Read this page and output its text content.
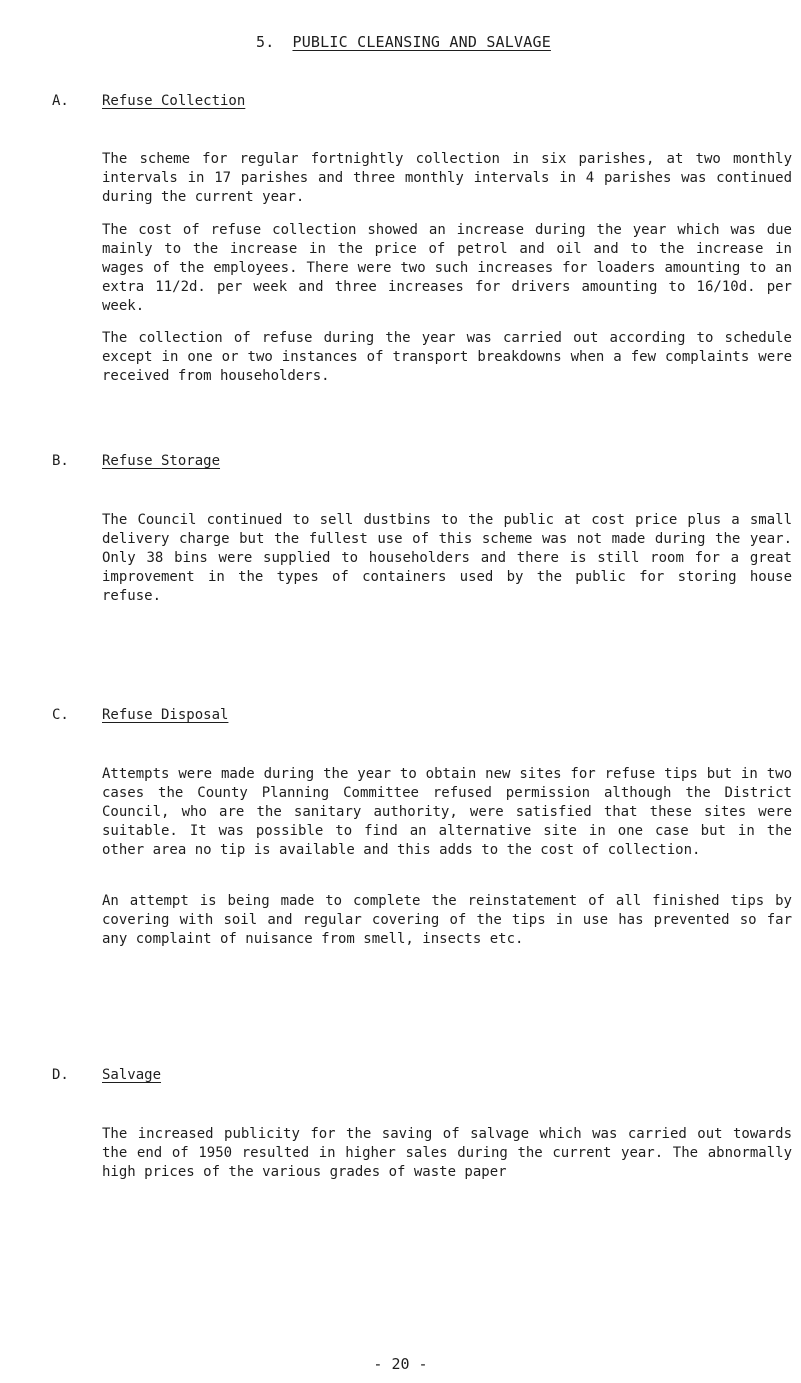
5. PUBLIC CLEANSING AND SALVAGE
A. Refuse Collection

The scheme for regular fortnightly collection in six parishes, at two monthly intervals in 17 parishes and three monthly intervals in 4 parishes was continued during the current year.

The cost of refuse collection showed an increase during the year which was due mainly to the increase in the price of petrol and oil and to the increase in wages of the employees. There were two such increases for loaders amounting to an extra 11/2d. per week and three increases for drivers amounting to 16/10d. per week.

The collection of refuse during the year was carried out according to schedule except in one or two instances of transport breakdowns when a few complaints were received from householders.

B. Refuse Storage

The Council continued to sell dustbins to the public at cost price plus a small delivery charge but the fullest use of this scheme was not made during the year. Only 38 bins were supplied to householders and there is still room for a great improvement in the types of containers used by the public for storing house refuse.

C. Refuse Disposal

Attempts were made during the year to obtain new sites for refuse tips but in two cases the County Planning Committee refused permission although the District Council, who are the sanitary authority, were satisfied that these sites were suitable. It was possible to find an alternative site in one case but in the other area no tip is available and this adds to the cost of collection.

An attempt is being made to complete the reinstatement of all finished tips by covering with soil and regular covering of the tips in use has prevented so far any complaint of nuisance from smell, insects etc.

D. Salvage

The increased publicity for the saving of salvage which was carried out towards the end of 1950 resulted in higher sales during the current year. The abnormally high prices of the various grades of waste paper

- 20 -
